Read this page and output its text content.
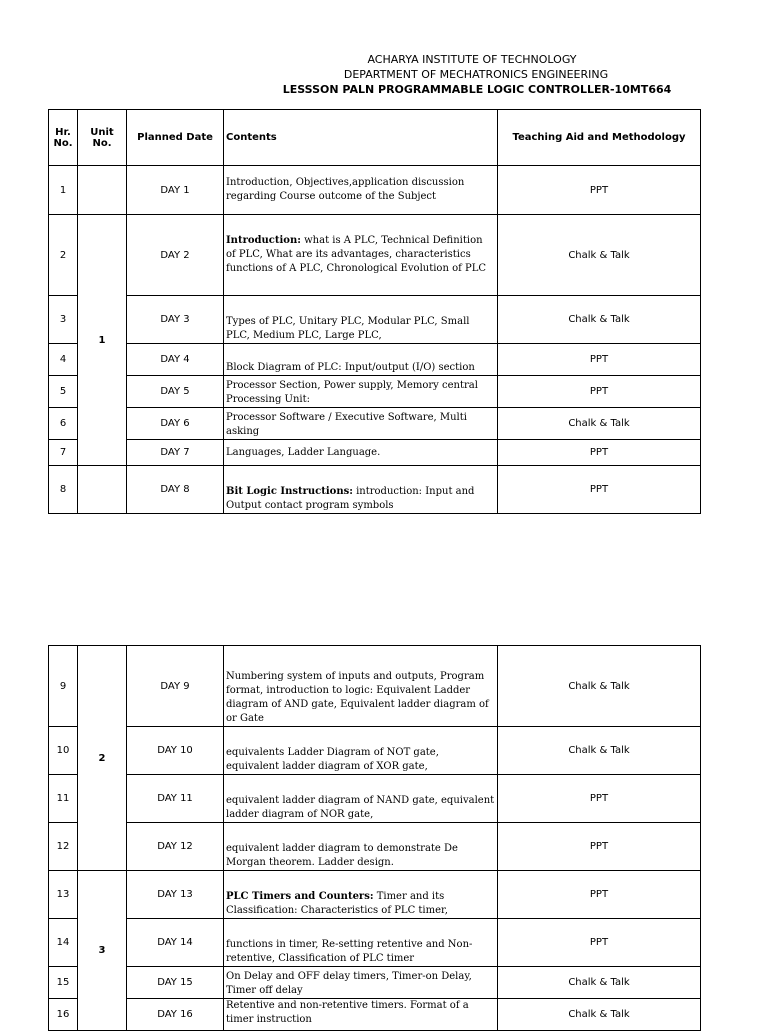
ACHARYA INSTITUTE OF TECHNOLOGY
DEPARTMENT OF MECHATRONICS ENGINEERING
LESSSON PALN PROGRAMMABLE LOGIC CONTROLLER-10MT664
Hr. No.	Unit No.	Planned Date	Contents	Teaching Aid and Methodology
1		DAY 1	Introduction, Objectives,application discussion regarding Course outcome of the Subject	PPT
2	1	DAY 2	Introduction: what is A PLC, Technical Definition of PLC, What are its advantages, characteristics functions of A PLC, Chronological Evolution of PLC	Chalk & Talk
3		DAY 3	Types of PLC, Unitary PLC, Modular PLC, Small PLC, Medium PLC, Large PLC,	Chalk & Talk
4		DAY 4	Block Diagram of PLC: Input/output (I/O) section	PPT
5		DAY 5	Processor Section, Power supply, Memory central Processing Unit:	PPT
6		DAY 6	Processor Software / Executive Software, Multi asking	Chalk & Talk
7		DAY 7	Languages, Ladder Language.	PPT
8		DAY 8	Bit Logic Instructions: introduction: Input and Output contact program symbols	PPT
9	2	DAY 9	Numbering system of inputs and outputs, Program format, introduction to logic: Equivalent Ladder diagram of AND gate, Equivalent ladder diagram of or Gate	Chalk & Talk
10		DAY 10	equivalents Ladder Diagram of NOT gate, equivalent ladder diagram of XOR gate,	Chalk & Talk
11		DAY 11	equivalent ladder diagram of NAND gate, equivalent ladder diagram of NOR gate,	PPT
12		DAY 12	equivalent ladder diagram to demonstrate De Morgan theorem. Ladder design.	PPT
13	3	DAY 13	PLC Timers and Counters: Timer and its Classification: Characteristics of PLC timer,	PPT
14		DAY 14	functions in timer, Re-setting retentive and Non-retentive, Classification of PLC timer	PPT
15		DAY 15	On Delay and OFF delay timers, Timer-on Delay, Timer off delay	Chalk & Talk
16		DAY 16	Retentive and non-retentive timers. Format of a timer instruction	Chalk & Talk
